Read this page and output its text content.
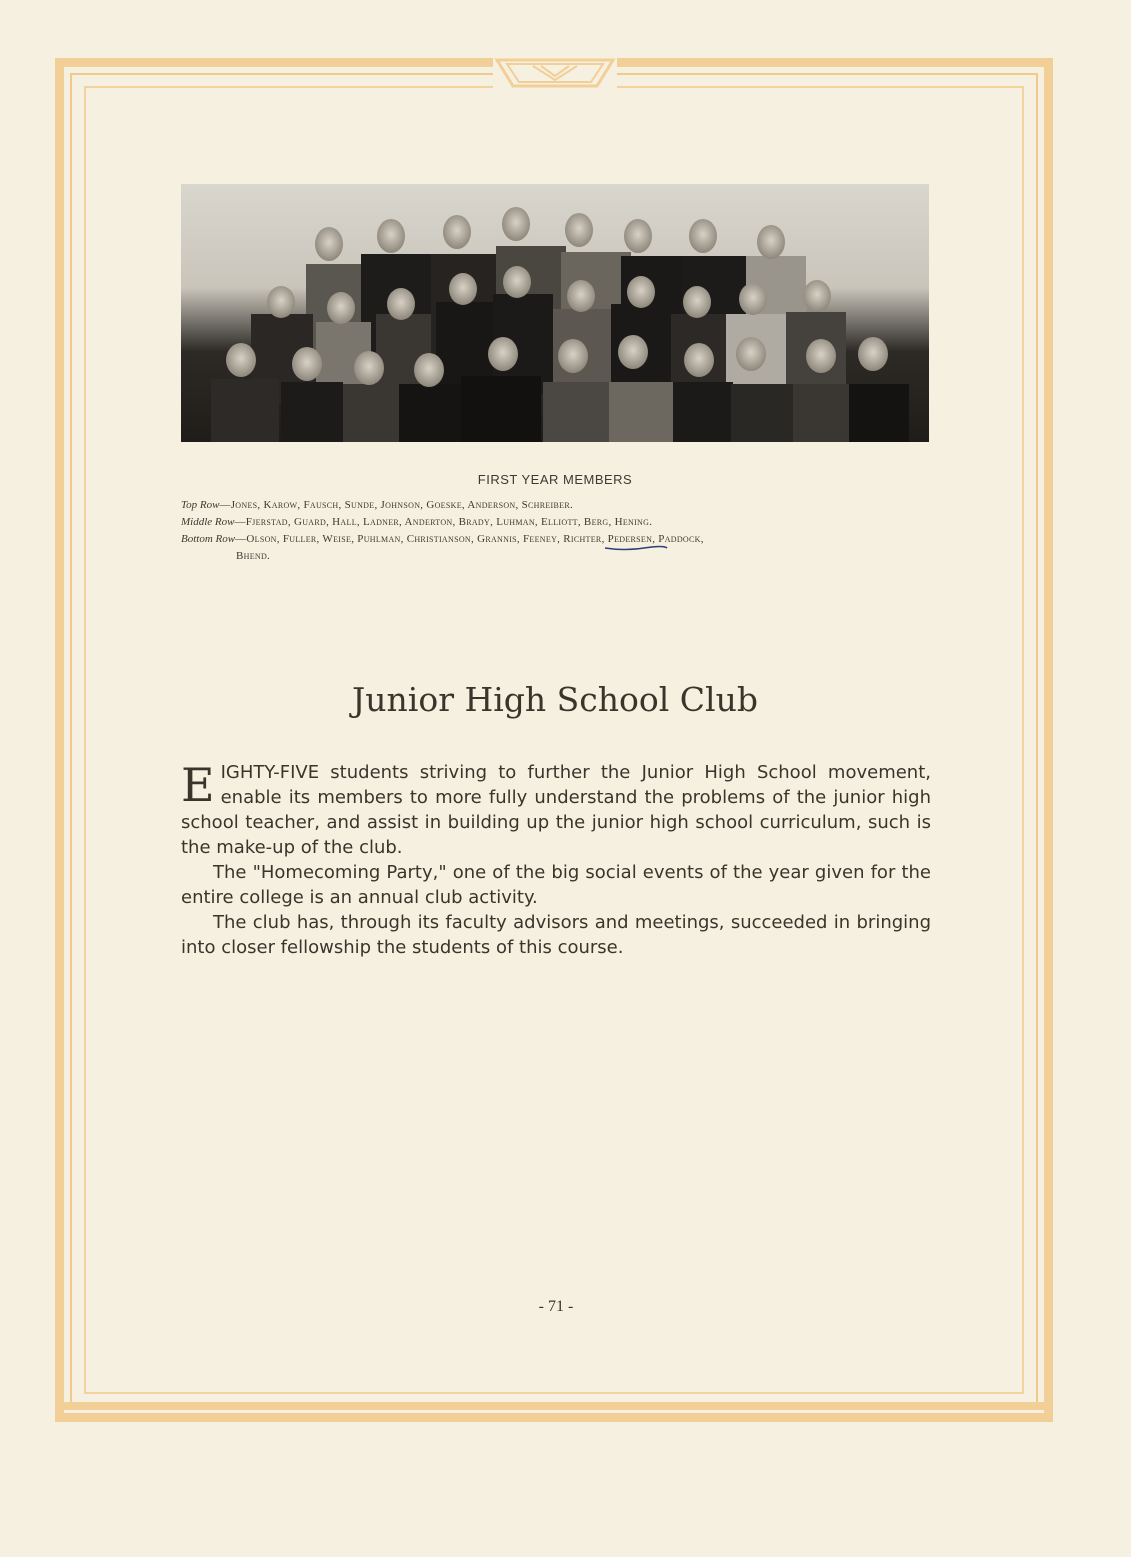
FIRST YEAR MEMBERS
Top Row—Jones, Karow, Fausch, Sunde, Johnson, Goeske, Anderson, Schreiber.
Middle Row—Fjerstad, Guard, Hall, Ladner, Anderton, Brady, Luhman, Elliott, Berg, Hening.
Bottom Row—Olson, Fuller, Weise, Puhlman, Christianson, Grannis, Feeney, Richter, Pedersen, Paddock,
Bhend.
Junior High School Club

EIGHTY-FIVE students striving to further the Junior High School movement, enable its members to more fully understand the problems of the junior high school teacher, and assist in building up the junior high school curriculum, such is the make-up of the club.

The "Homecoming Party," one of the big social events of the year given for the entire college is an annual club activity.

The club has, through its faculty advisors and meetings, succeeded in bringing into closer fellowship the students of this course.

- 71 -
